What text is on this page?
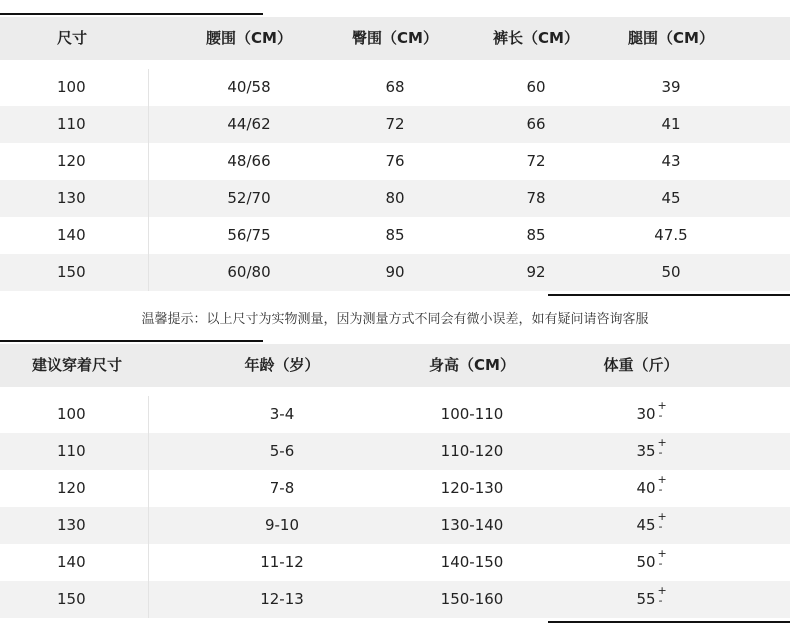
尺寸	腰围（CM）	臀围（CM）	裤长（CM）	腿围（CM）
100	40/58	68	60	39
110	44/62	72	66	41
120	48/66	76	72	43
130	52/70	80	78	45
140	56/75	85	85	47.5
150	60/80	90	92	50
温馨提示：以上尺寸为实物测量，因为测量方式不同会有微小误差，如有疑问请咨询客服
建议穿着尺寸	年龄（岁）	身高（CM）	体重（斤）
100	3-4	100-110	30+ -
110	5-6	110-120	35+ -
120	7-8	120-130	40+ -
130	9-10	130-140	45+ -
140	11-12	140-150	50+ -
150	12-13	150-160	55+ -
